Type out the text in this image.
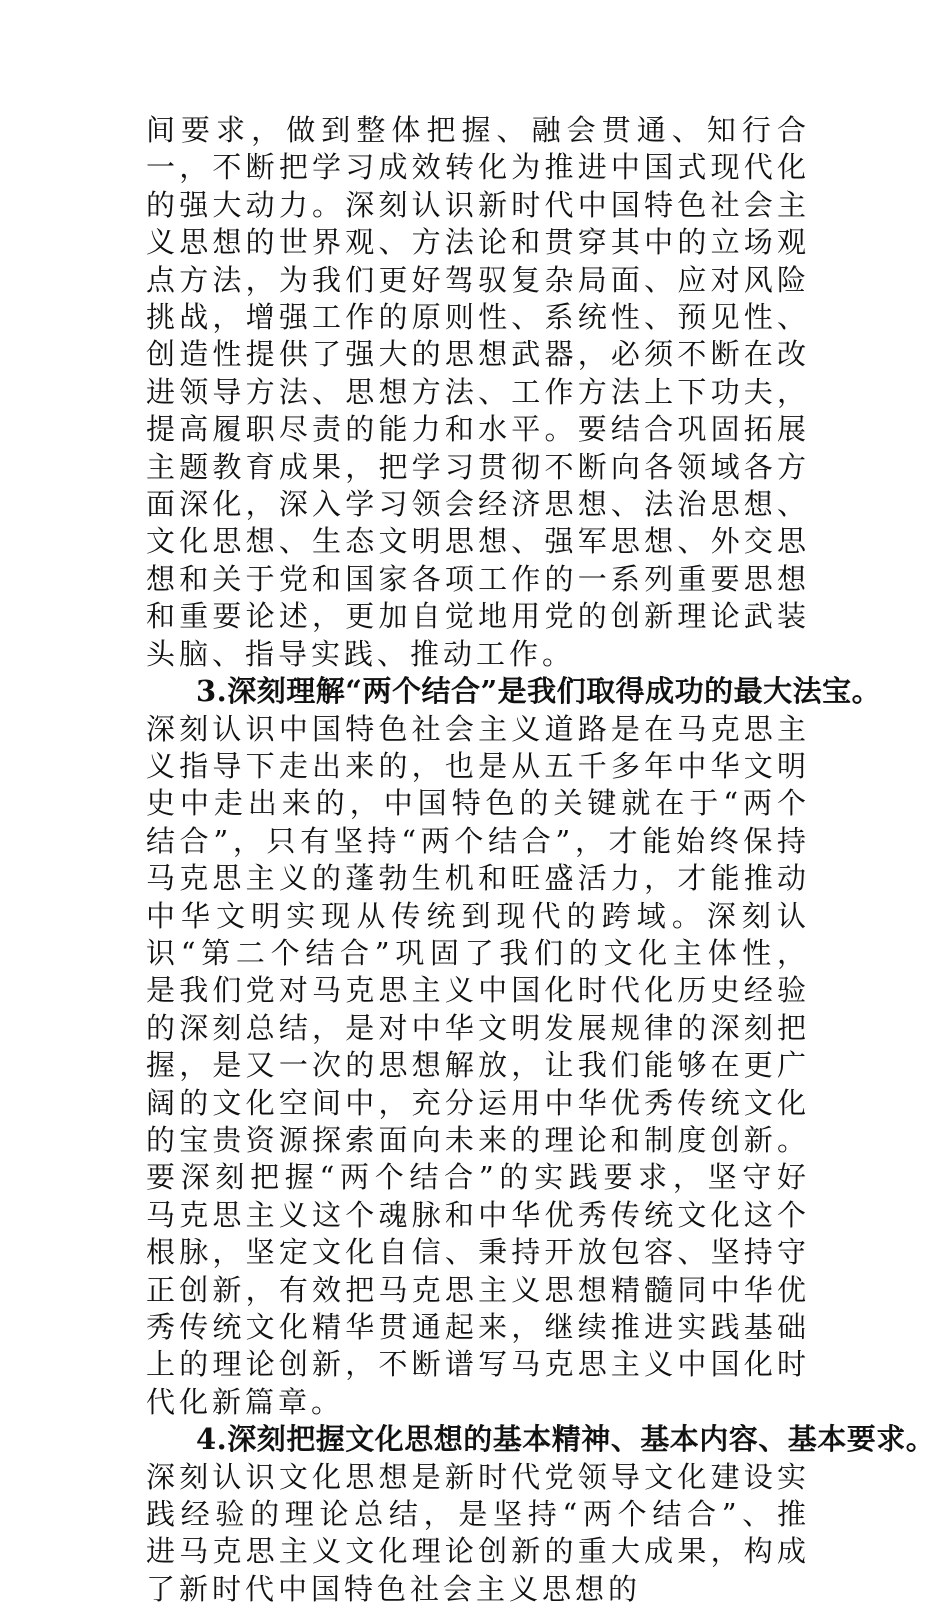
间要求，做到整体把握、融会贯通、知行合一，不断把学习成效转化为推进中国式现代化的强大动力。深刻认识新时代中国特色社会主义思想的世界观、方法论和贯穿其中的立场观点方法，为我们更好驾驭复杂局面、应对风险挑战，增强工作的原则性、系统性、预见性、创造性提供了强大的思想武器，必须不断在改进领导方法、思想方法、工作方法上下功夫，提高履职尽责的能力和水平。要结合巩固拓展主题教育成果，把学习贯彻不断向各领域各方面深化，深入学习领会经济思想、法治思想、文化思想、生态文明思想、强军思想、外交思想和关于党和国家各项工作的一系列重要思想和重要论述，更加自觉地用党的创新理论武装头脑、指导实践、推动工作。

3.深刻理解“两个结合”是我们取得成功的最大法宝。

深刻认识中国特色社会主义道路是在马克思主义指导下走出来的，也是从五千多年中华文明史中走出来的，中国特色的关键就在于“两个结合”，只有坚持“两个结合”，才能始终保持马克思主义的蓬勃生机和旺盛活力，才能推动中华文明实现从传统到现代的跨域。深刻认识“第二个结合”巩固了我们的文化主体性，是我们党对马克思主义中国化时代化历史经验的深刻总结，是对中华文明发展规律的深刻把握，是又一次的思想解放，让我们能够在更广阔的文化空间中，充分运用中华优秀传统文化的宝贵资源探索面向未来的理论和制度创新。要深刻把握“两个结合”的实践要求，坚守好马克思主义这个魂脉和中华优秀传统文化这个根脉，坚定文化自信、秉持开放包容、坚持守正创新，有效把马克思主义思想精髓同中华优秀传统文化精华贯通起来，继续推进实践基础上的理论创新，不断谱写马克思主义中国化时代化新篇章。

4.深刻把握文化思想的基本精神、基本内容、基本要求。

深刻认识文化思想是新时代党领导文化建设实践经验的理论总结，是坚持“两个结合”、推进马克思主义文化理论创新的重大成果，构成了新时代中国特色社会主义思想的
